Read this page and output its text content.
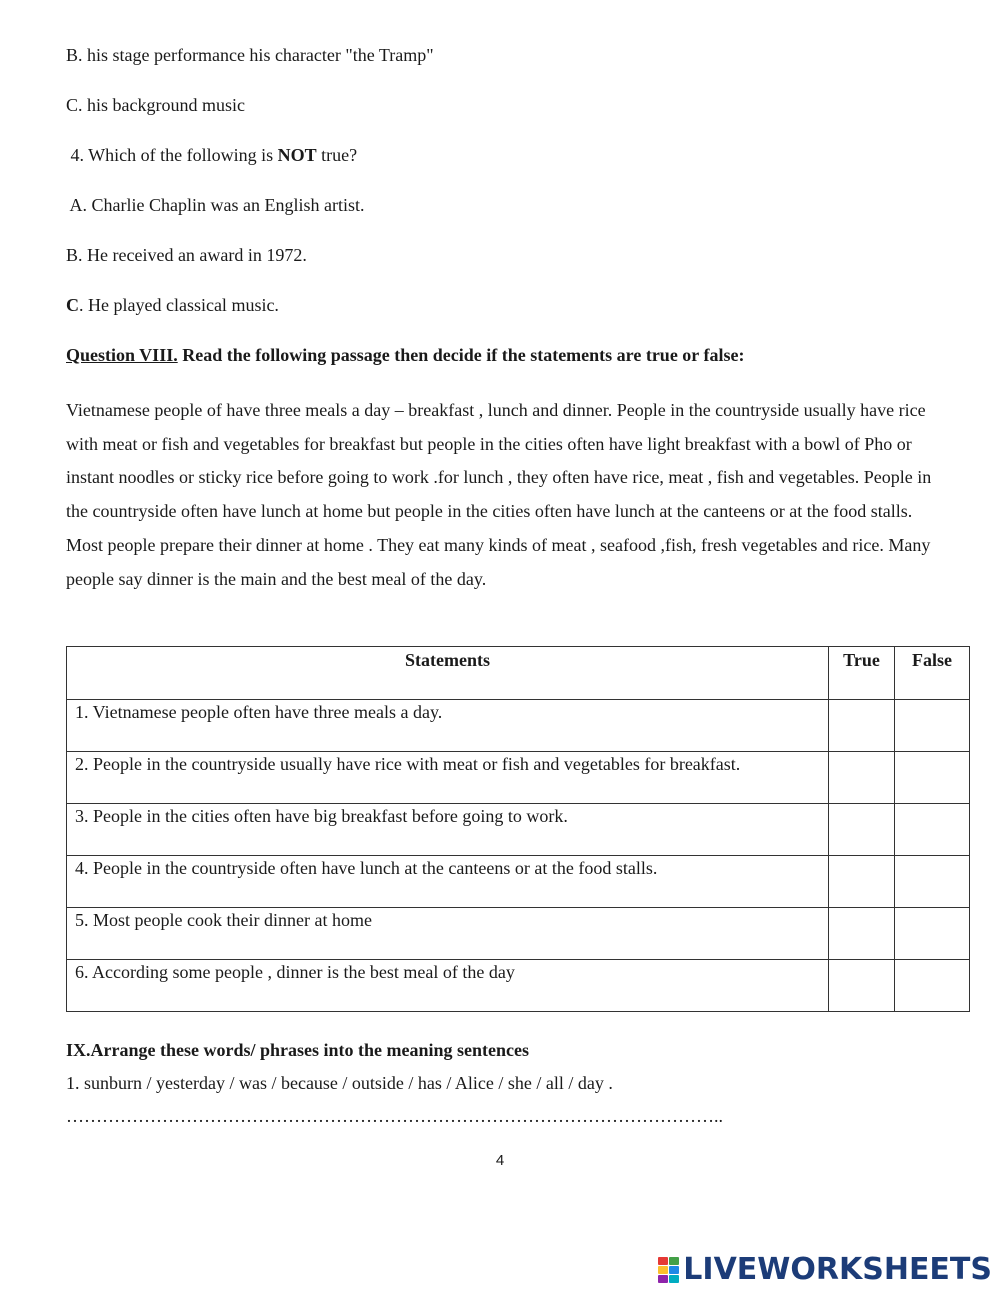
B. his stage performance his character "the Tramp"
C. his background music
4. Which of the following is NOT true?
A. Charlie Chaplin was an English artist.
B. He received an award in 1972.
C. He played classical music.
Question VIII. Read the following passage then decide if the statements are true or false:
Vietnamese people of have three meals a day – breakfast , lunch and dinner. People in the countryside usually have rice with meat or fish and vegetables for breakfast but people in the cities often have light breakfast with a bowl of Pho or instant noodles or sticky rice before going to work .for lunch , they often have rice, meat , fish and vegetables. People in the countryside often have lunch at home but people in the cities often have lunch at the canteens or at the food stalls. Most people prepare their dinner at home . They eat many kinds of meat , seafood ,fish, fresh vegetables and rice. Many people say dinner is the main and the best meal of the day.
Statements	True	False
1. Vietnamese people often have three meals a day.		
2. People in the countryside usually have rice with meat or fish and vegetables for breakfast.		
3. People in the cities often have big breakfast before going to work.		
4. People in the countryside often have lunch at the canteens or at the food stalls.		
5. Most people cook their dinner at home		
6. According some people , dinner is the best meal of the day		
IX.Arrange these words/ phrases into the meaning sentences
1. sunburn / yesterday / was / because / outside / has / Alice / she / all / day .
………………………………………………………………………………………………..
4
LIVEWORKSHEETS
